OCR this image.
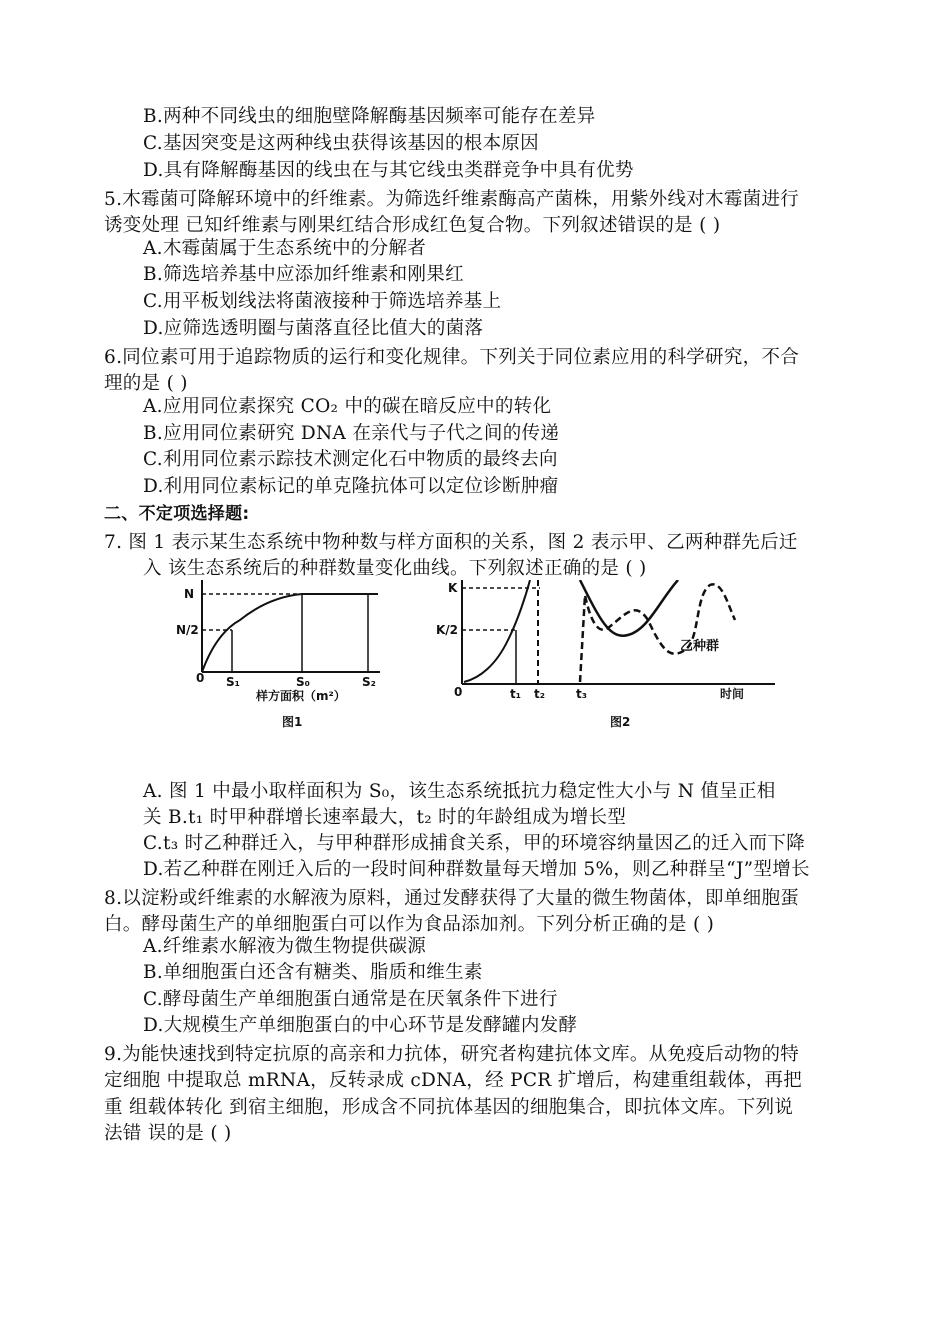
B.两种不同线虫的细胞壁降解酶基因频率可能存在差异
C.基因突变是这两种线虫获得该基因的根本原因
D.具有降解酶基因的线虫在与其它线虫类群竞争中具有优势
5.木霉菌可降解环境中的纤维素。为筛选纤维素酶高产菌株，用紫外线对木霉菌进行
诱变处理 已知纤维素与刚果红结合形成红色复合物。下列叙述错误的是 ( )
A.木霉菌属于生态系统中的分解者
B.筛选培养基中应添加纤维素和刚果红
C.用平板划线法将菌液接种于筛选培养基上
D.应筛选透明圈与菌落直径比值大的菌落
6.同位素可用于追踪物质的运行和变化规律。下列关于同位素应用的科学研究，不合
理的是 ( )
A.应用同位素探究 CO₂ 中的碳在暗反应中的转化
B.应用同位素研究 DNA 在亲代与子代之间的传递
C.利用同位素示踪技术测定化石中物质的最终去向
D.利用同位素标记的单克隆抗体可以定位诊断肿瘤
二、不定项选择题:
7. 图 1 表示某生态系统中物种数与样方面积的关系，图 2 表示甲、乙两种群先后迁
入 该生态系统后的种群数量变化曲线。下列叙述正确的是 ( )
A. 图 1 中最小取样面积为 S₀，该生态系统抵抗力稳定性大小与 N 值呈正相
关 B.t₁ 时甲种群增长速率最大，t₂ 时的年龄组成为增长型
C.t₃ 时乙种群迁入，与甲种群形成捕食关系，甲的环境容纳量因乙的迁入而下降
D.若乙种群在刚迁入后的一段时间种群数量每天增加 5%，则乙种群呈“J”型增长
8.以淀粉或纤维素的水解液为原料，通过发酵获得了大量的微生物菌体，即单细胞蛋
白。酵母菌生产的单细胞蛋白可以作为食品添加剂。下列分析正确的是 ( )
A.纤维素水解液为微生物提供碳源
B.单细胞蛋白还含有糖类、脂质和维生素
C.酵母菌生产单细胞蛋白通常是在厌氧条件下进行
D.大规模生产单细胞蛋白的中心环节是发酵罐内发酵
9.为能快速找到特定抗原的高亲和力抗体，研究者构建抗体文库。从免疫后动物的特
定细胞 中提取总 mRNA，反转录成 cDNA，经 PCR 扩增后，构建重组载体，再把
重 组载体转化 到宿主细胞，形成含不同抗体基因的细胞集合，即抗体文库。下列说
法错 误的是 ( )
N
N/2
0 S₁	S₀	S₂
样方面积（m²）
图1
K
K/2
0	t₁ t₂	t₃	时间
乙种群
图2
